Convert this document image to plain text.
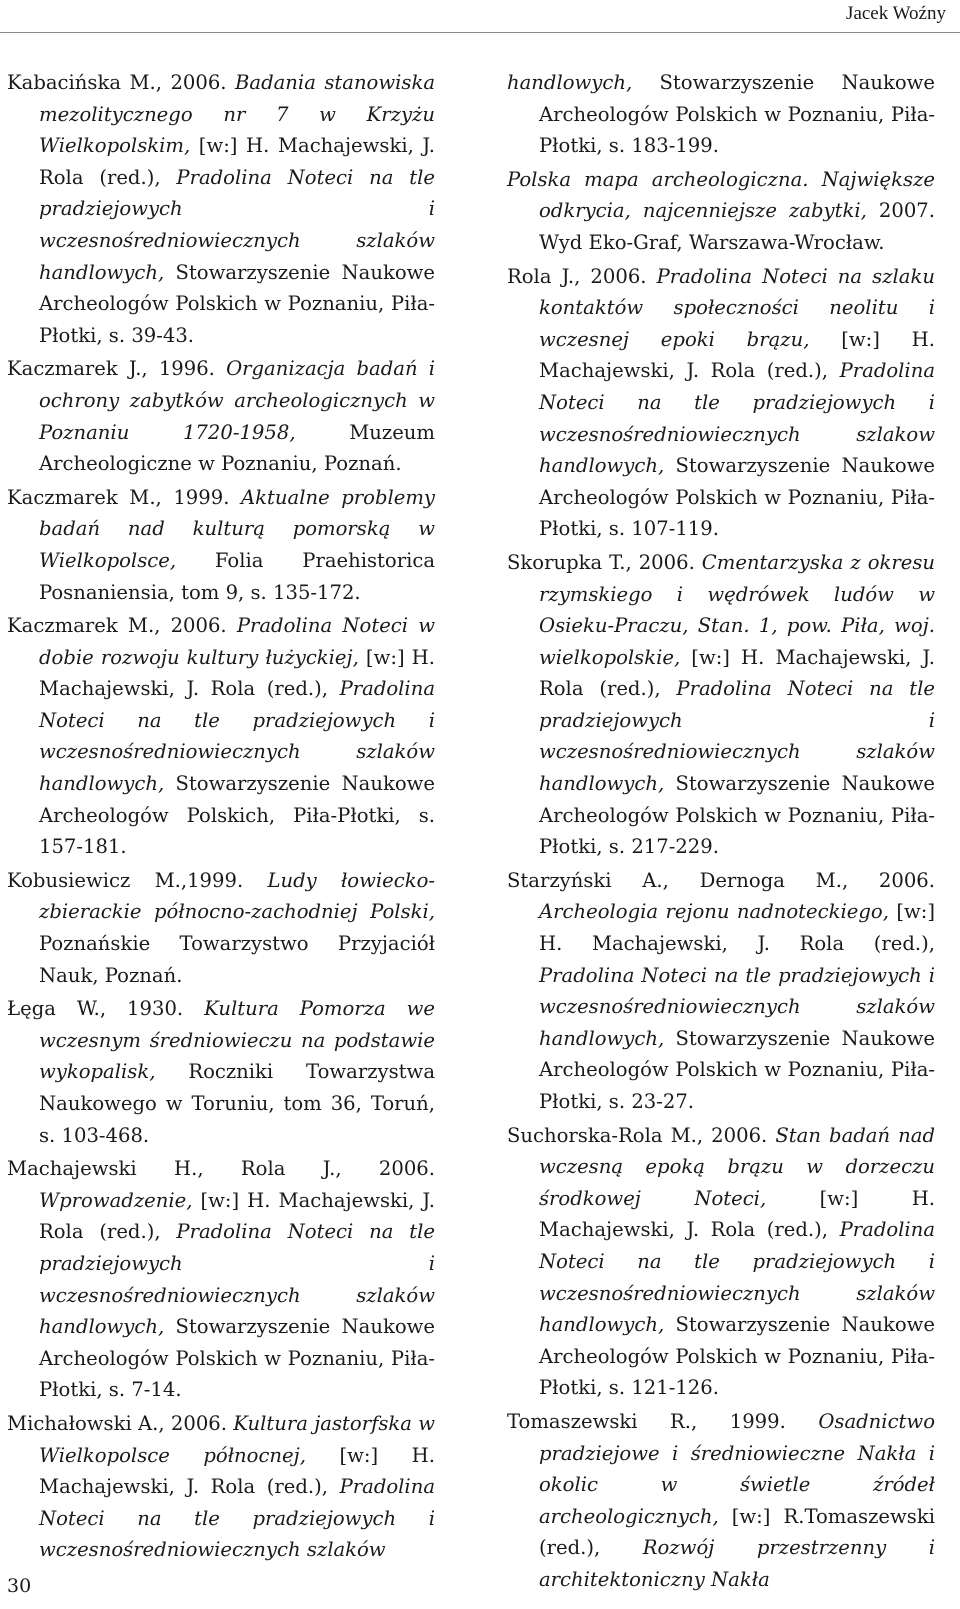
Jacek Woźny

Kabacińska M., 2006. Badania stanowiska mezolitycznego nr 7 w Krzyżu Wielkopolskim, [w:] H. Machajewski, J. Rola (red.), Pradolina Noteci na tle pradziejowych i wczesnośredniowiecznych szlaków handlowych, Stowarzyszenie Naukowe Archeologów Polskich w Poznaniu, Piła-Płotki, s. 39-43.

Kaczmarek J., 1996. Organizacja badań i ochrony zabytków archeologicznych w Poznaniu 1720-1958, Muzeum Archeologiczne w Poznaniu, Poznań.

Kaczmarek M., 1999. Aktualne problemy badań nad kulturą pomorską w Wielkopolsce, Folia Praehistorica Posnaniensia, tom 9, s. 135-172.

Kaczmarek M., 2006. Pradolina Noteci w dobie rozwoju kultury łużyckiej, [w:] H. Machajewski, J. Rola (red.), Pradolina Noteci na tle pradziejowych i wczesnośredniowiecznych szlaków handlowych, Stowarzyszenie Naukowe Archeologów Polskich, Piła-Płotki, s. 157-181.

Kobusiewicz M.,1999. Ludy łowiecko-zbierackie północno-zachodniej Polski, Poznańskie Towarzystwo Przyjaciół Nauk, Poznań.

Łęga W., 1930. Kultura Pomorza we wczesnym średniowieczu na podstawie wykopalisk, Roczniki Towarzystwa Naukowego w Toruniu, tom 36, Toruń, s. 103-468.

Machajewski H., Rola J., 2006. Wprowadzenie, [w:] H. Machajewski, J. Rola (red.), Pradolina Noteci na tle pradziejowych i wczesnośredniowiecznych szlaków handlowych, Stowarzyszenie Naukowe Archeologów Polskich w Poznaniu, Piła-Płotki, s. 7-14.

Michałowski A., 2006. Kultura jastorfska w Wielkopolsce północnej, [w:] H. Machajewski, J. Rola (red.), Pradolina Noteci na tle pradziejowych i wczesnośredniowiecznych szlaków

handlowych, Stowarzyszenie Naukowe Archeologów Polskich w Poznaniu, Piła-Płotki, s. 183-199.

Polska mapa archeologiczna. Największe odkrycia, najcenniejsze zabytki, 2007. Wyd Eko-Graf, Warszawa-Wrocław.

Rola J., 2006. Pradolina Noteci na szlaku kontaktów społeczności neolitu i wczesnej epoki brązu, [w:] H. Machajewski, J. Rola (red.), Pradolina Noteci na tle pradziejowych i wczesnośredniowiecznych szlakow handlowych, Stowarzyszenie Naukowe Archeologów Polskich w Poznaniu, Piła-Płotki, s. 107-119.

Skorupka T., 2006. Cmentarzyska z okresu rzymskiego i wędrówek ludów w Osieku-Praczu, Stan. 1, pow. Piła, woj. wielkopolskie, [w:] H. Machajewski, J. Rola (red.), Pradolina Noteci na tle pradziejowych i wczesnośredniowiecznych szlaków handlowych, Stowarzyszenie Naukowe Archeologów Polskich w Poznaniu, Piła-Płotki, s. 217-229.

Starzyński A., Dernoga M., 2006. Archeologia rejonu nadnoteckiego, [w:] H. Machajewski, J. Rola (red.), Pradolina Noteci na tle pradziejowych i wczesnośredniowiecznych szlaków handlowych, Stowarzyszenie Naukowe Archeologów Polskich w Poznaniu, Piła-Płotki, s. 23-27.

Suchorska-Rola M., 2006. Stan badań nad wczesną epoką brązu w dorzeczu środkowej Noteci, [w:] H. Machajewski, J. Rola (red.), Pradolina Noteci na tle pradziejowych i wczesnośredniowiecznych szlaków handlowych, Stowarzyszenie Naukowe Archeologów Polskich w Poznaniu, Piła-Płotki, s. 121-126.

Tomaszewski R., 1999. Osadnictwo pradziejowe i średniowieczne Nakła i okolic w świetle źródeł archeologicznych, [w:] R.Tomaszewski (red.), Rozwój przestrzenny i architektoniczny Nakła

30
